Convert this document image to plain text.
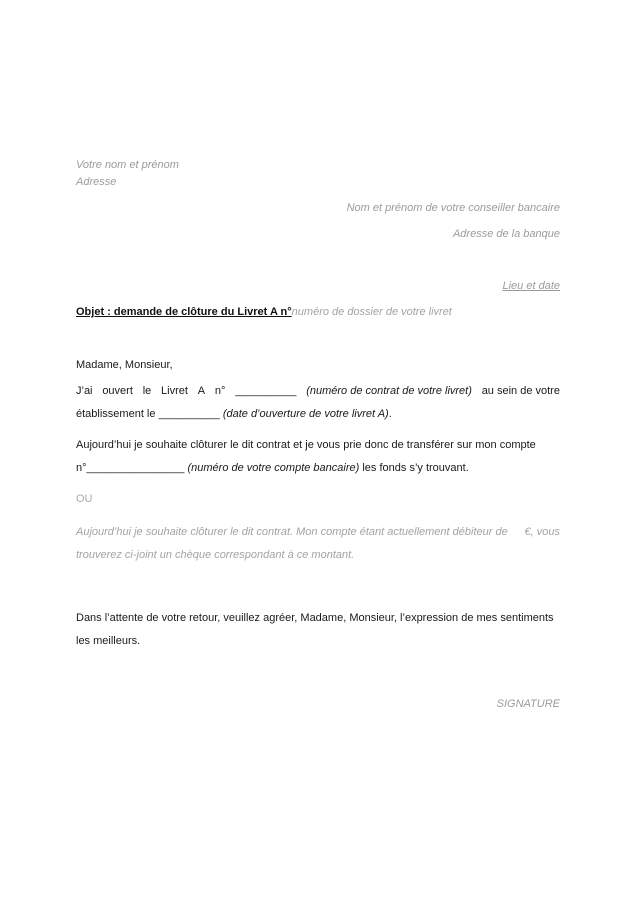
Votre nom et prénom
Adresse
Nom et prénom de votre conseiller bancaire
Adresse de la banque
Lieu et date
Objet : demande de clôture du Livret A n°numéro de dossier de votre livret
Madame, Monsieur,
J’ai ouvert le Livret A n° __________ (numéro de contrat de votre livret) au sein de votre
établissement le __________ (date d’ouverture de votre livret A).
Aujourd’hui je souhaite clôturer le dit contrat et je vous prie donc de transférer sur mon compte
n°________________ (numéro de votre compte bancaire) les fonds s’y trouvant.
OU
Aujourd’hui je souhaite clôturer le dit contrat. Mon compte étant actuellement débiteur de €, vous
trouverez ci-joint un chèque correspondant à ce montant.
Dans l’attente de votre retour, veuillez agréer, Madame, Monsieur, l’expression de mes sentiments
les meilleurs.
SIGNATURE
